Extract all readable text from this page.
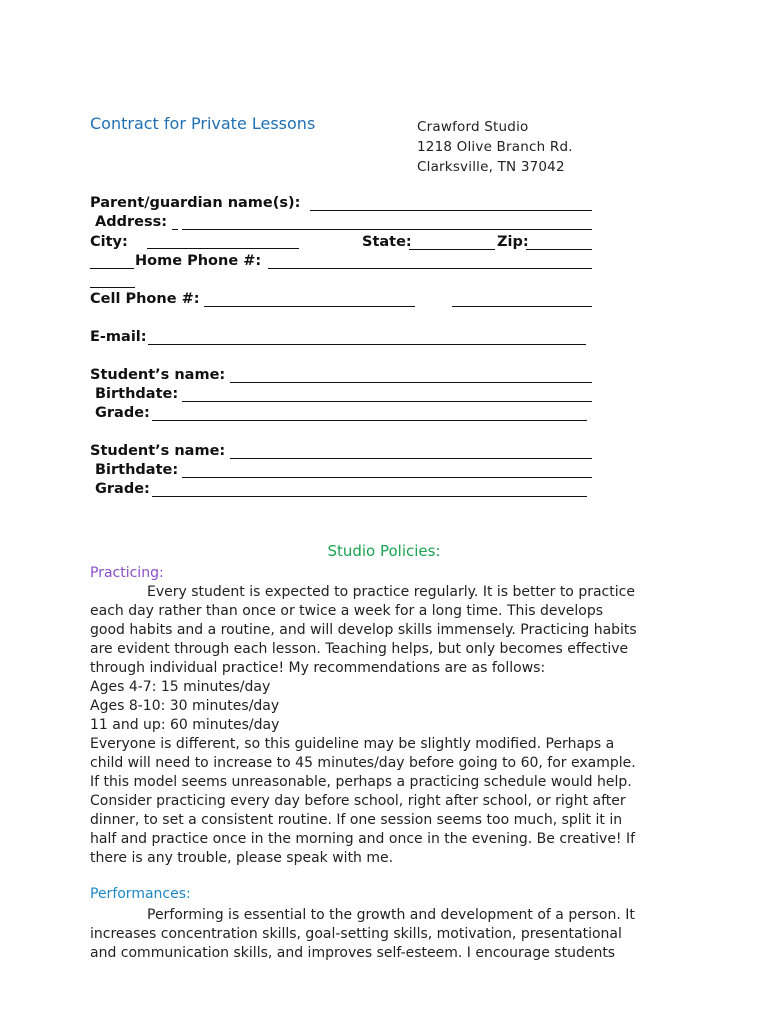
Contract for Private Lessons	Crawford Studio
1218 Olive Branch Rd.
Clarksville, TN 37042
Parent/guardian name(s):
Address:
City:	State:	Zip:
Home Phone #:
Cell Phone #:
E-mail:
Student’s name:
Birthdate:
Grade:
Student’s name:
Birthdate:
Grade:
Studio Policies:
Practicing:
Every student is expected to practice regularly. It is better to practice
each day rather than once or twice a week for a long time. This develops
good habits and a routine, and will develop skills immensely. Practicing habits
are evident through each lesson. Teaching helps, but only becomes effective
through individual practice! My recommendations are as follows:
Ages 4-7: 15 minutes/day
Ages 8-10: 30 minutes/day
11 and up: 60 minutes/day
Everyone is different, so this guideline may be slightly modified. Perhaps a
child will need to increase to 45 minutes/day before going to 60, for example.
If this model seems unreasonable, perhaps a practicing schedule would help.
Consider practicing every day before school, right after school, or right after
dinner, to set a consistent routine. If one session seems too much, split it in
half and practice once in the morning and once in the evening. Be creative! If
there is any trouble, please speak with me.
Performances:
Performing is essential to the growth and development of a person. It
increases concentration skills, goal-setting skills, motivation, presentational
and communication skills, and improves self-esteem. I encourage students
